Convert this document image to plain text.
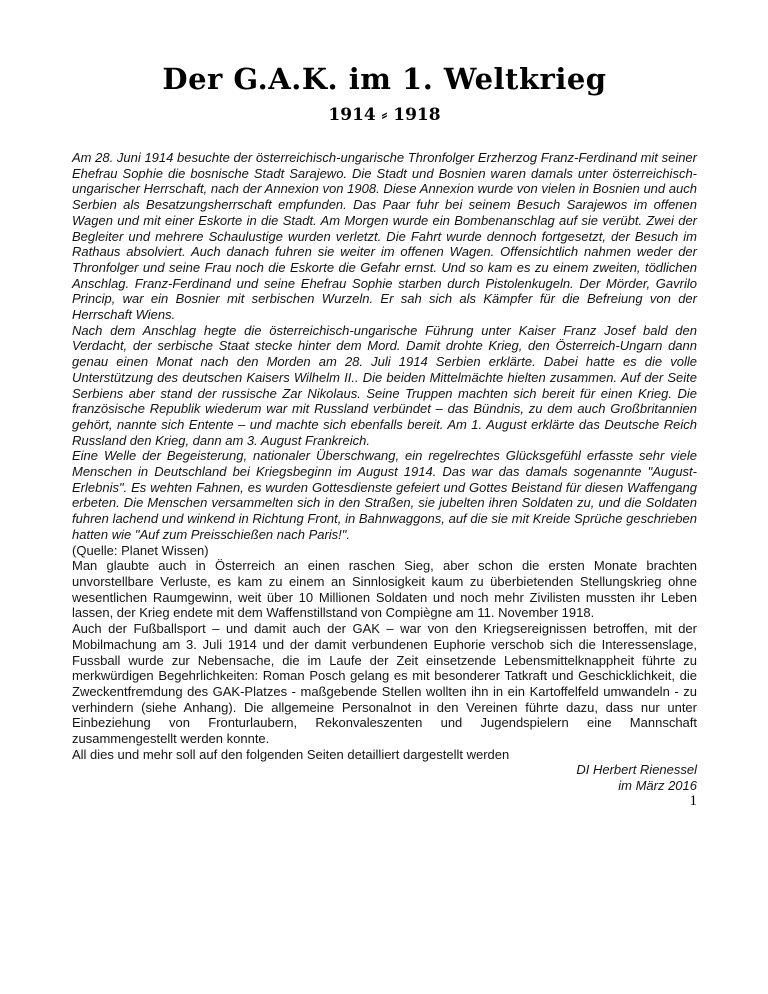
Der G.A.K. im 1. Weltkrieg
1914 ⸗ 1918

Am 28. Juni 1914 besuchte der österreichisch-ungarische Thronfolger Erzherzog Franz-Ferdinand mit seiner Ehefrau Sophie die bosnische Stadt Sarajewo. Die Stadt und Bosnien waren damals unter österreichisch-ungarischer Herrschaft, nach der Annexion von 1908. Diese Annexion wurde von vielen in Bosnien und auch Serbien als Besatzungsherrschaft empfunden. Das Paar fuhr bei seinem Besuch Sarajewos im offenen Wagen und mit einer Eskorte in die Stadt. Am Morgen wurde ein Bombenanschlag auf sie verübt. Zwei der Begleiter und mehrere Schaulustige wurden verletzt. Die Fahrt wurde dennoch fortgesetzt, der Besuch im Rathaus absolviert. Auch danach fuhren sie weiter im offenen Wagen. Offensichtlich nahmen weder der Thronfolger und seine Frau noch die Eskorte die Gefahr ernst. Und so kam es zu einem zweiten, tödlichen Anschlag. Franz-Ferdinand und seine Ehefrau Sophie starben durch Pistolenkugeln. Der Mörder, Gavrilo Princip, war ein Bosnier mit serbischen Wurzeln. Er sah sich als Kämpfer für die Befreiung von der Herrschaft Wiens.

Nach dem Anschlag hegte die österreichisch-ungarische Führung unter Kaiser Franz Josef bald den Verdacht, der serbische Staat stecke hinter dem Mord. Damit drohte Krieg, den Österreich-Ungarn dann genau einen Monat nach den Morden am 28. Juli 1914 Serbien erklärte. Dabei hatte es die volle Unterstützung des deutschen Kaisers Wilhelm II.. Die beiden Mittelmächte hielten zusammen. Auf der Seite Serbiens aber stand der russische Zar Nikolaus. Seine Truppen machten sich bereit für einen Krieg. Die französische Republik wiederum war mit Russland verbündet – das Bündnis, zu dem auch Großbritannien gehört, nannte sich Entente – und machte sich ebenfalls bereit. Am 1. August erklärte das Deutsche Reich Russland den Krieg, dann am 3. August Frankreich.

Eine Welle der Begeisterung, nationaler Überschwang, ein regelrechtes Glücksgefühl erfasste sehr viele Menschen in Deutschland bei Kriegsbeginn im August 1914. Das war das damals sogenannte "August-Erlebnis". Es wehten Fahnen, es wurden Gottesdienste gefeiert und Gottes Beistand für diesen Waffengang erbeten. Die Menschen versammelten sich in den Straßen, sie jubelten ihren Soldaten zu, und die Soldaten fuhren lachend und winkend in Richtung Front, in Bahnwaggons, auf die sie mit Kreide Sprüche geschrieben hatten wie "Auf zum Preisschießen nach Paris!".

(Quelle: Planet Wissen)

Man glaubte auch in Österreich an einen raschen Sieg, aber schon die ersten Monate brachten unvorstellbare Verluste, es kam zu einem an Sinnlosigkeit kaum zu überbietenden Stellungskrieg ohne wesentlichen Raumgewinn, weit über 10 Millionen Soldaten und noch mehr Zivilisten mussten ihr Leben lassen, der Krieg endete mit dem Waffenstillstand von Compiègne am 11. November 1918.

Auch der Fußballsport – und damit auch der GAK – war von den Kriegsereignissen betroffen, mit der Mobilmachung am 3. Juli 1914 und der damit verbundenen Euphorie verschob sich die Interessenslage, Fussball wurde zur Nebensache, die im Laufe der Zeit einsetzende Lebensmittelknappheit führte zu merkwürdigen Begehrlichkeiten: Roman Posch gelang es mit besonderer Tatkraft und Geschicklichkeit, die Zweckentfremdung des GAK-Platzes - maßgebende Stellen wollten ihn in ein Kartoffelfeld umwandeln - zu verhindern (siehe Anhang). Die allgemeine Personalnot in den Vereinen führte dazu, dass nur unter Einbeziehung von Fronturlaubern, Rekonvaleszenten und Jugendspielern eine Mannschaft zusammengestellt werden konnte.

All dies und mehr soll auf den folgenden Seiten detailliert dargestellt werden

DI Herbert Rienessel

im März 2016

1
